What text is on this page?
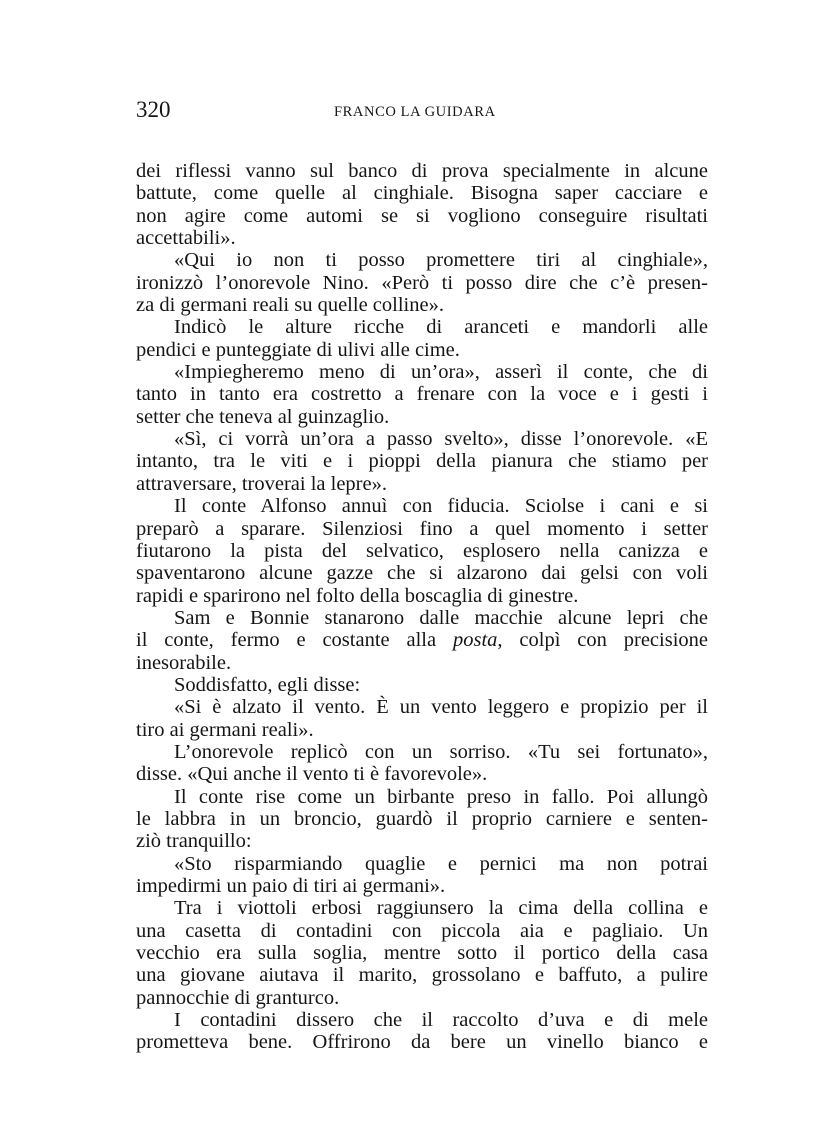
320	FRANCO LA GUIDARA
dei riflessi vanno sul banco di prova specialmente in alcune
battute, come quelle al cinghiale. Bisogna saper cacciare e
non agire come automi se si vogliono conseguire risultati
accettabili».
«Qui io non ti posso promettere tiri al cinghiale»,
ironizzò l’onorevole Nino. «Però ti posso dire che c’è presen-
za di germani reali su quelle colline».
Indicò le alture ricche di aranceti e mandorli alle
pendici e punteggiate di ulivi alle cime.
«Impiegheremo meno di un’ora», asserì il conte, che di
tanto in tanto era costretto a frenare con la voce e i gesti i
setter che teneva al guinzaglio.
«Sì, ci vorrà un’ora a passo svelto», disse l’onorevole. «E
intanto, tra le viti e i pioppi della pianura che stiamo per
attraversare, troverai la lepre».
Il conte Alfonso annuì con fiducia. Sciolse i cani e si
preparò a sparare. Silenziosi fino a quel momento i setter
fiutarono la pista del selvatico, esplosero nella canizza e
spaventarono alcune gazze che si alzarono dai gelsi con voli
rapidi e sparirono nel folto della boscaglia di ginestre.
Sam e Bonnie stanarono dalle macchie alcune lepri che
il conte, fermo e costante alla posta, colpì con precisione
inesorabile.
Soddisfatto, egli disse:
«Si è alzato il vento. È un vento leggero e propizio per il
tiro ai germani reali».
L’onorevole replicò con un sorriso. «Tu sei fortunato»,
disse. «Qui anche il vento ti è favorevole».
Il conte rise come un birbante preso in fallo. Poi allungò
le labbra in un broncio, guardò il proprio carniere e senten-
ziò tranquillo:
«Sto risparmiando quaglie e pernici ma non potrai
impedirmi un paio di tiri ai germani».
Tra i viottoli erbosi raggiunsero la cima della collina e
una casetta di contadini con piccola aia e pagliaio. Un
vecchio era sulla soglia, mentre sotto il portico della casa
una giovane aiutava il marito, grossolano e baffuto, a pulire
pannocchie di granturco.
I contadini dissero che il raccolto d’uva e di mele
prometteva bene. Offrirono da bere un vinello bianco e
